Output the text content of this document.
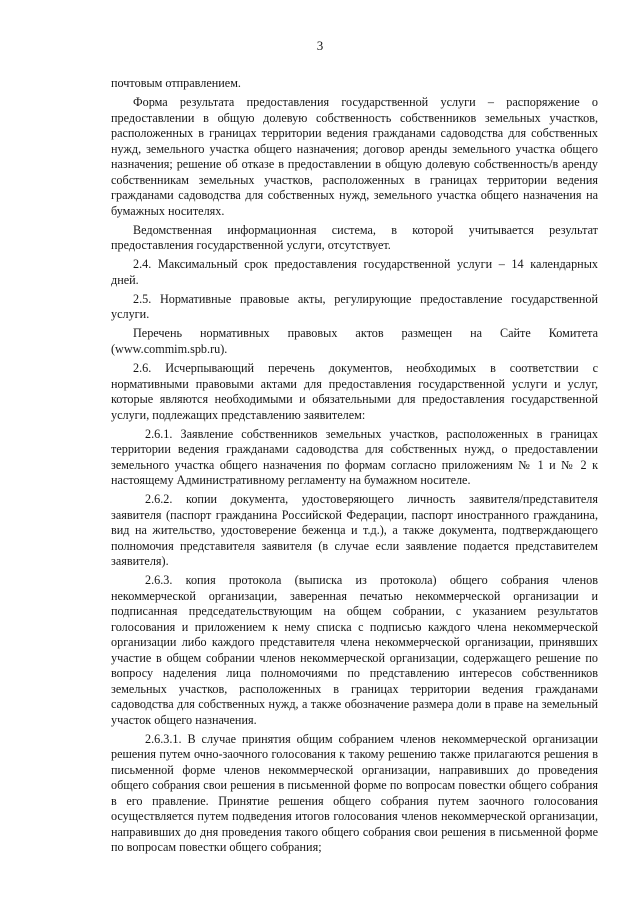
3

почтовым отправлением.

Форма результата предоставления государственной услуги – распоряжение о предоставлении в общую долевую собственность собственников земельных участков, расположенных в границах территории ведения гражданами садоводства для собственных нужд, земельного участка общего назначения; договор аренды земельного участка общего назначения; решение об отказе в предоставлении в общую долевую собственность/в аренду собственникам земельных участков, расположенных в границах территории ведения гражданами садоводства для собственных нужд, земельного участка общего назначения на бумажных носителях.

Ведомственная информационная система, в которой учитывается результат предоставления государственной услуги, отсутствует.

2.4. Максимальный срок предоставления государственной услуги – 14 календарных дней.

2.5. Нормативные правовые акты, регулирующие предоставление государственной услуги.

Перечень нормативных правовых актов размещен на Сайте Комитета (www.commim.spb.ru).

2.6. Исчерпывающий перечень документов, необходимых в соответствии с нормативными правовыми актами для предоставления государственной услуги и услуг, которые являются необходимыми и обязательными для предоставления государственной услуги, подлежащих представлению заявителем:

2.6.1. Заявление собственников земельных участков, расположенных в границах территории ведения гражданами садоводства для собственных нужд, о предоставлении земельного участка общего назначения по формам согласно приложениям № 1 и № 2 к настоящему Административному регламенту на бумажном носителе.

2.6.2. копии документа, удостоверяющего личность заявителя/представителя заявителя (паспорт гражданина Российской Федерации, паспорт иностранного гражданина, вид на жительство, удостоверение беженца и т.д.), а также документа, подтверждающего полномочия представителя заявителя (в случае если заявление подается представителем заявителя).

2.6.3. копия протокола (выписка из протокола) общего собрания членов некоммерческой организации, заверенная печатью некоммерческой организации и подписанная председательствующим на общем собрании, с указанием результатов голосования и приложением к нему списка с подписью каждого члена некоммерческой организации либо каждого представителя члена некоммерческой организации, принявших участие в общем собрании членов некоммерческой организации, содержащего решение по вопросу наделения лица полномочиями по представлению интересов собственников земельных участков, расположенных в границах территории ведения гражданами садоводства для собственных нужд, а также обозначение размера доли в праве на земельный участок общего назначения.

2.6.3.1. В случае принятия общим собранием членов некоммерческой организации решения путем очно-заочного голосования к такому решению также прилагаются решения в письменной форме членов некоммерческой организации, направивших до проведения общего собрания свои решения в письменной форме по вопросам повестки общего собрания в его правление. Принятие решения общего собрания путем заочного голосования осуществляется путем подведения итогов голосования членов некоммерческой организации, направивших до дня проведения такого общего собрания свои решения в письменной форме по вопросам повестки общего собрания;
